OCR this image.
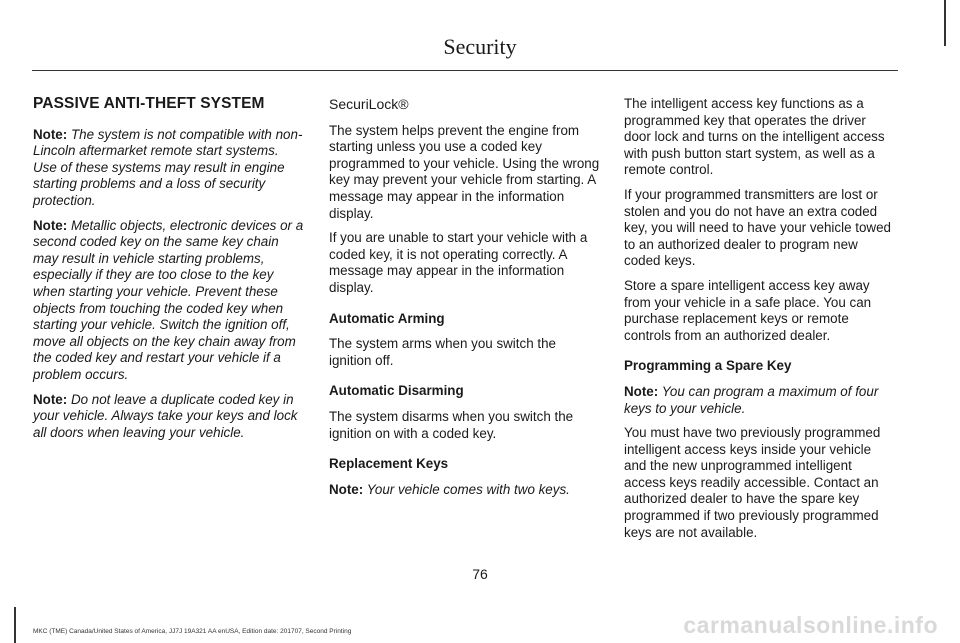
Security
PASSIVE ANTI-THEFT SYSTEM

Note: The system is not compatible with non-Lincoln aftermarket remote start systems. Use of these systems may result in engine starting problems and a loss of security protection.

Note: Metallic objects, electronic devices or a second coded key on the same key chain may result in vehicle starting problems, especially if they are too close to the key when starting your vehicle. Prevent these objects from touching the coded key when starting your vehicle. Switch the ignition off, move all objects on the key chain away from the coded key and restart your vehicle if a problem occurs.

Note: Do not leave a duplicate coded key in your vehicle. Always take your keys and lock all doors when leaving your vehicle.

SecuriLock®

The system helps prevent the engine from starting unless you use a coded key programmed to your vehicle. Using the wrong key may prevent your vehicle from starting. A message may appear in the information display.

If you are unable to start your vehicle with a coded key, it is not operating correctly. A message may appear in the information display.

Automatic Arming

The system arms when you switch the ignition off.

Automatic Disarming

The system disarms when you switch the ignition on with a coded key.

Replacement Keys

Note: Your vehicle comes with two keys.

The intelligent access key functions as a programmed key that operates the driver door lock and turns on the intelligent access with push button start system, as well as a remote control.

If your programmed transmitters are lost or stolen and you do not have an extra coded key, you will need to have your vehicle towed to an authorized dealer to program new coded keys.

Store a spare intelligent access key away from your vehicle in a safe place. You can purchase replacement keys or remote controls from an authorized dealer.

Programming a Spare Key

Note: You can program a maximum of four keys to your vehicle.

You must have two previously programmed intelligent access keys inside your vehicle and the new unprogrammed intelligent access keys readily accessible. Contact an authorized dealer to have the spare key programmed if two previously programmed keys are not available.

76
MKC (TME) Canada/United States of America, JJ7J 19A321 AA enUSA, Edition date: 201707, Second Printing	carmanualsonline.info
